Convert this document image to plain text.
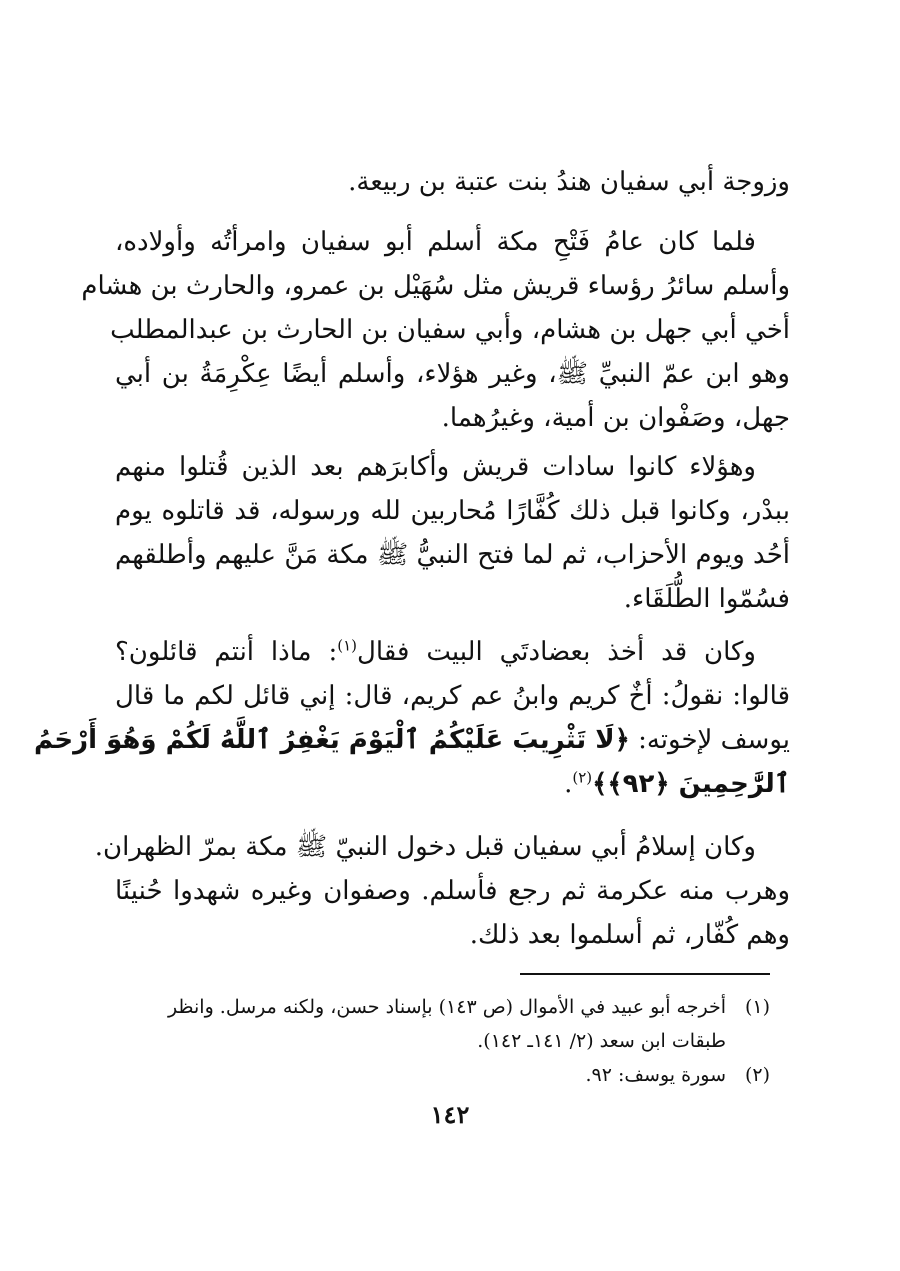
وزوجة أبي سفيان هندُ بنت عتبة بن ربيعة.
فلما كان عامُ فَتْحِ مكة أسلم أبو سفيان وامرأتُه وأولاده،
وأسلم سائرُ رؤساء قريش مثل سُهَيْل بن عمرو، والحارث بن هشام
أخي أبي جهل بن هشام، وأبي سفيان بن الحارث بن عبدالمطلب
وهو ابن عمّ النبيِّ ﷺ، وغير هؤلاء، وأسلم أيضًا عِكْرِمَةُ بن أبي
جهل، وصَفْوان بن أمية، وغيرُهما.
وهؤلاء كانوا سادات قريش وأكابرَهم بعد الذين قُتلوا منهم
ببدْر، وكانوا قبل ذلك كُفَّارًا مُحاربين لله ورسوله، قد قاتلوه يوم
أحُد ويوم الأحزاب، ثم لما فتح النبيُّ ﷺ مكة مَنَّ عليهم وأطلقهم
فسُمّوا الطُّلَقَاء.
وكان قد أخذ بعضادتَي البيت فقال$^{(١)}$: ماذا أنتم قائلون؟
قالوا: نقولُ: أخٌ كريم وابنُ عم كريم، قال: إني قائل لكم ما قال
يوسف لإخوته: ﴿لَا تَثْرِيبَ عَلَيْكُمُ ٱلْيَوْمَ يَغْفِرُ ٱللَّهُ لَكُمْ وَهُوَ أَرْحَمُ
ٱلرَّٰحِمِينَ ﴿٩٢﴾﴾$^{(٢)}$.
وكان إسلامُ أبي سفيان قبل دخول النبيّ ﷺ مكة بمرّ الظهران.
وهرب منه عكرمة ثم رجع فأسلم. وصفوان وغيره شهدوا حُنينًا
وهم كُفّار، ثم أسلموا بعد ذلك.
(١)
أخرجه أبو عبيد في الأموال (ص ١٤٣) بإسناد حسن، ولكنه مرسل. وانظر طبقات ابن سعد (٢/ ١٤١ـ ١٤٢).
(٢)
سورة يوسف: ٩٢.
١٤٢
